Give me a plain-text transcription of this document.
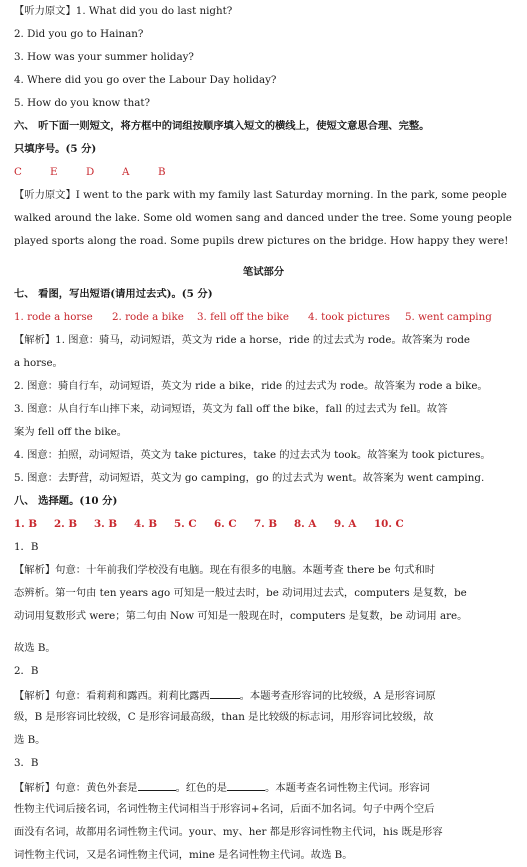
【听力原文】1. What did you do last night?
2. Did you go to Hainan?
3. How was your summer holiday?
4. Where did you go over the Labour Day holiday?
5. How do you know that?
六、 听下面一则短文，将方框中的词组按顺序填入短文的横线上，使短文意思合理、完整。
只填序号。(5 分)
C	E	D	A	B
【听力原文】I went to the park with my family last Saturday morning. In the park, some people
walked around the lake. Some old women sang and danced under the tree. Some young people
played sports along the road. Some pupils drew pictures on the bridge. How happy they were!
笔试部分
七、 看图，写出短语(请用过去式)。(5 分)
1. rode a horse 2. rode a bike 3. fell off the bike 4. took pictures 5. went camping
【解析】1. 图意：骑马，动词短语，英文为 ride a horse，ride 的过去式为 rode。故答案为 rode
a horse。
2. 图意：骑自行车，动词短语，英文为 ride a bike，ride 的过去式为 rode。故答案为 rode a bike。
3. 图意：从自行车山摔下来，动词短语，英文为 fall off the bike，fall 的过去式为 fell。故答
案为 fell off the bike。
4. 图意：拍照，动词短语，英文为 take pictures，take 的过去式为 took。故答案为 took pictures。
5. 图意：去野营，动词短语，英文为 go camping，go 的过去式为 went。故答案为 went camping.
八、 选择题。(10 分)
1. B 2. B 3. B 4. B 5. C 6. C 7. B 8. A 9. A 10. C
1．B
【解析】句意：十年前我们学校没有电脑。现在有很多的电脑。本题考查 there be 句式和时
态辨析。第一句由 ten years ago 可知是一般过去时，be 动词用过去式，computers 是复数，be
动词用复数形式 were；第二句由 Now 可知是一般现在时，computers 是复数，be 动词用 are。
故选 B。
2．B
【解析】句意：看莉莉和露西。莉莉比露西	。本题考查形容词的比较级，A 是形容词原
级，B 是形容词比较级，C 是形容词最高级，than 是比较级的标志词，用形容词比较级，故
选 B。
3．B
【解析】句意：黄色外套是	。红色的是	。本题考查名词性物主代词。形容词
性物主代词后接名词，名词性物主代词相当于形容词+名词，后面不加名词。句子中两个空后
面没有名词，故都用名词性物主代词。your、my、her 都是形容词性物主代词，his 既是形容
词性物主代词，又是名词性物主代词，mine 是名词性物主代词。故选 B。
